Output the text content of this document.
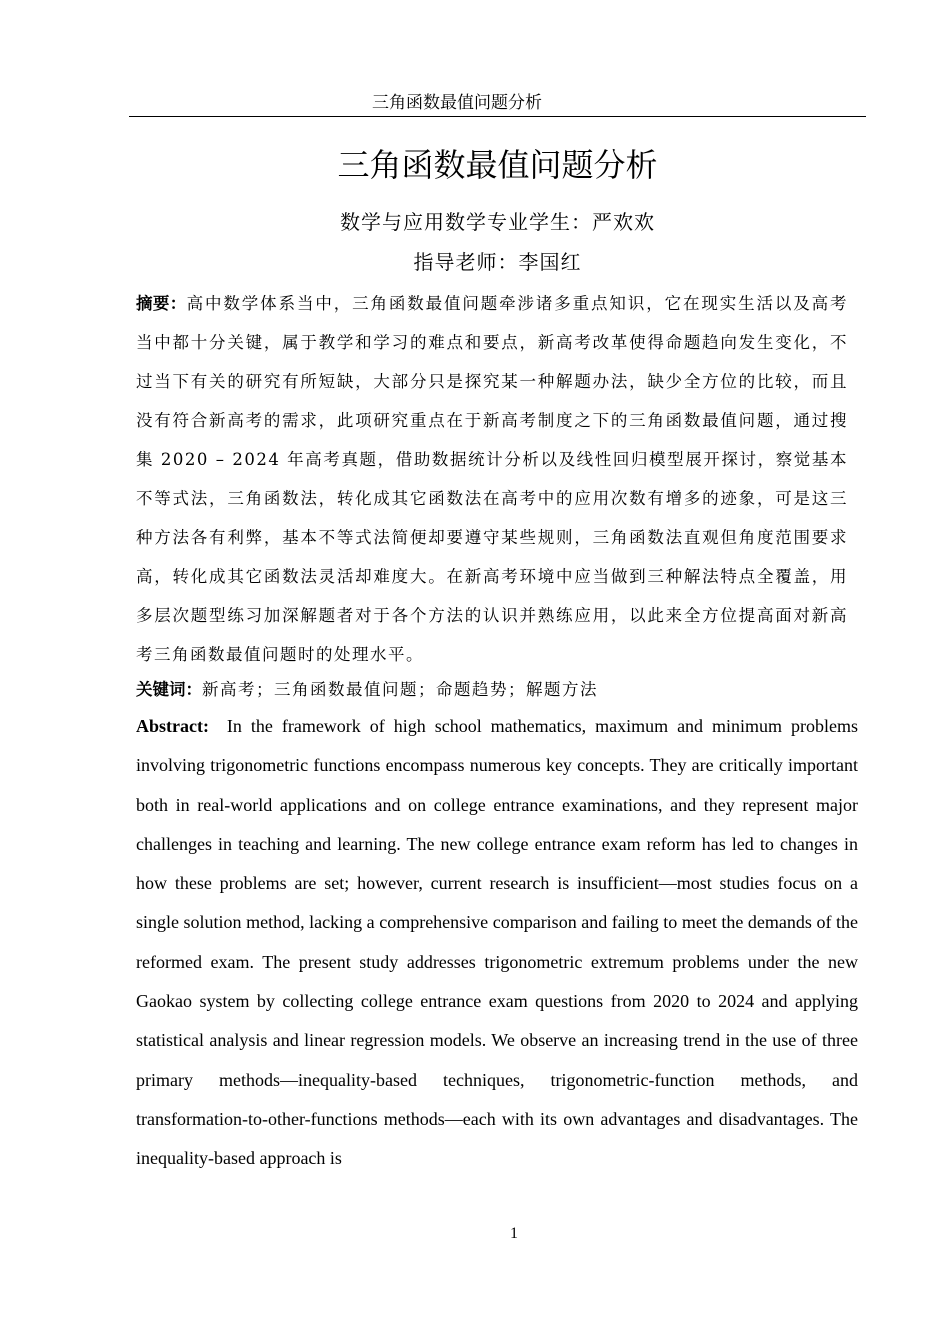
三角函数最值问题分析
三角函数最值问题分析
数学与应用数学专业学生：严欢欢
指导老师：李国红
摘要：高中数学体系当中，三角函数最值问题牵涉诸多重点知识，它在现实生活以及高考当中都十分关键，属于教学和学习的难点和要点，新高考改革使得命题趋向发生变化，不过当下有关的研究有所短缺，大部分只是探究某一种解题办法，缺少全方位的比较，而且没有符合新高考的需求，此项研究重点在于新高考制度之下的三角函数最值问题，通过搜集 2020 – 2024 年高考真题，借助数据统计分析以及线性回归模型展开探讨，察觉基本不等式法，三角函数法，转化成其它函数法在高考中的应用次数有增多的迹象，可是这三种方法各有利弊，基本不等式法简便却要遵守某些规则，三角函数法直观但角度范围要求高，转化成其它函数法灵活却难度大。在新高考环境中应当做到三种解法特点全覆盖，用多层次题型练习加深解题者对于各个方法的认识并熟练应用，以此来全方位提高面对新高考三角函数最值问题时的处理水平。
关键词：新高考；三角函数最值问题；命题趋势；解题方法
Abstract: In the framework of high school mathematics, maximum and minimum problems involving trigonometric functions encompass numerous key concepts. They are critically important both in real-world applications and on college entrance examinations, and they represent major challenges in teaching and learning. The new college entrance exam reform has led to changes in how these problems are set; however, current research is insufficient—most studies focus on a single solution method, lacking a comprehensive comparison and failing to meet the demands of the reformed exam. The present study addresses trigonometric extremum problems under the new Gaokao system by collecting college entrance exam questions from 2020 to 2024 and applying statistical analysis and linear regression models. We observe an increasing trend in the use of three primary methods—inequality-based techniques, trigonometric-function methods, and transformation-to-other-functions methods—each with its own advantages and disadvantages. The inequality-based approach is
1
